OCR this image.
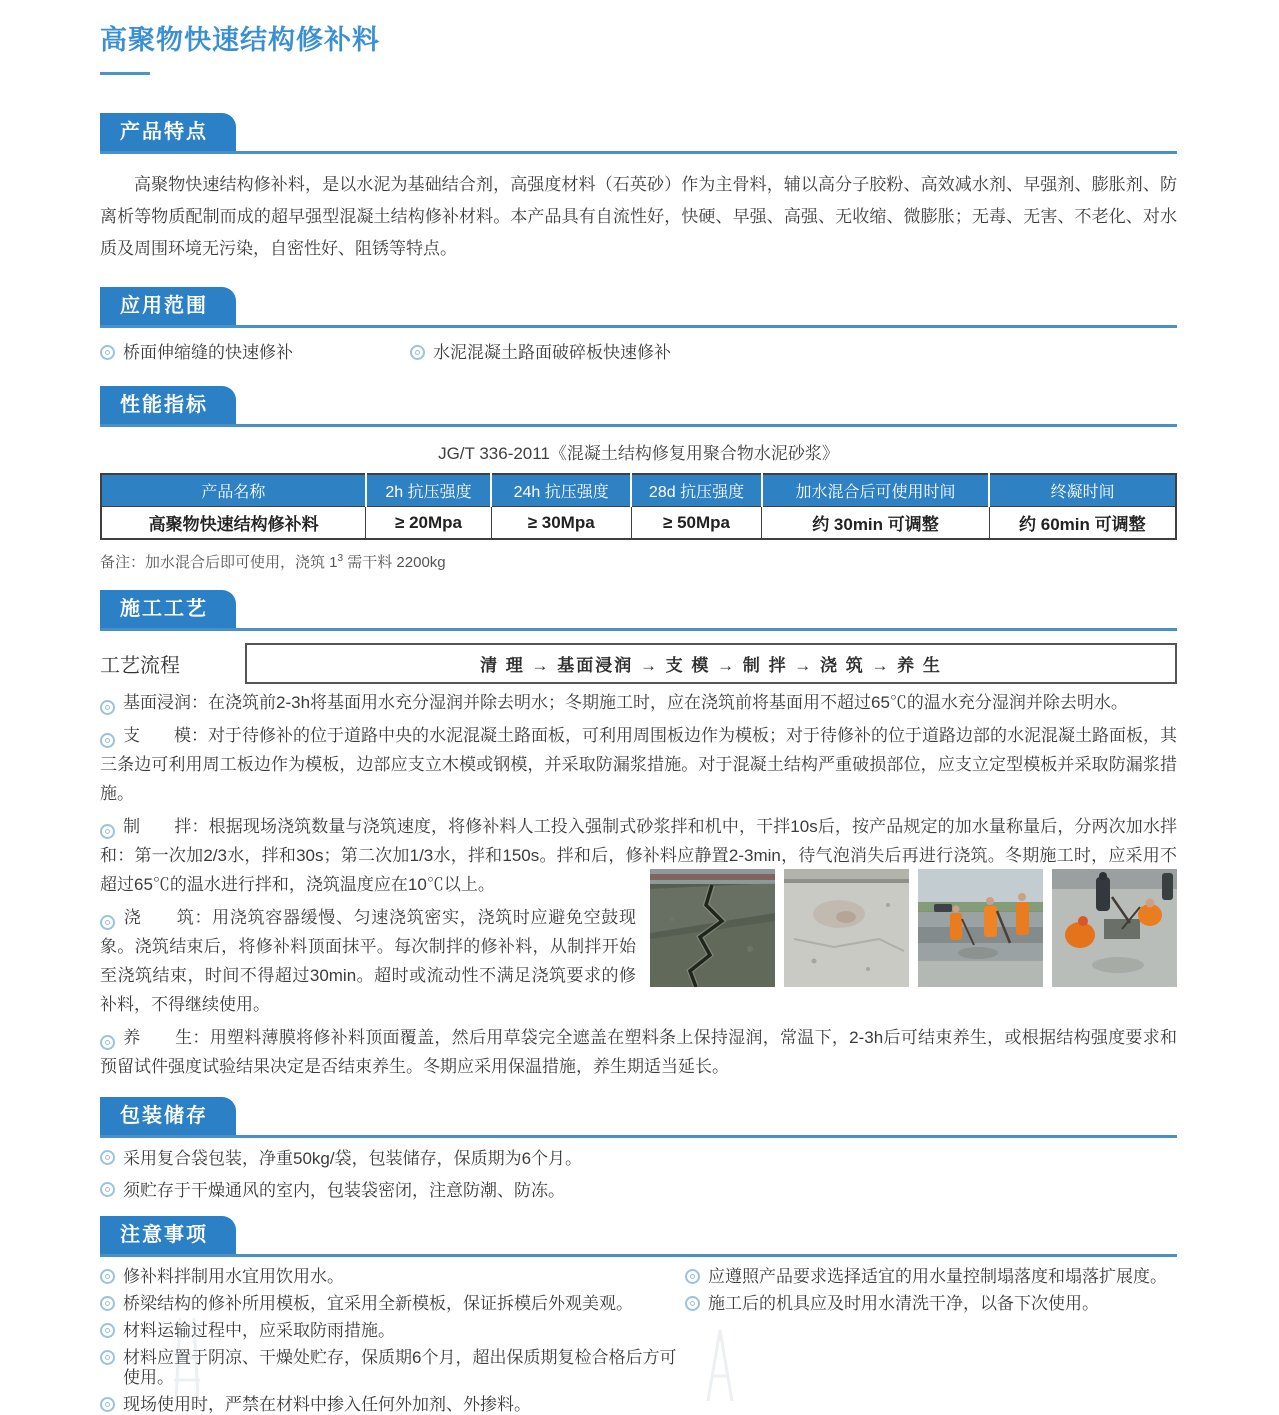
高聚物快速结构修补料
产品特点

高聚物快速结构修补料，是以水泥为基础结合剂，高强度材料（石英砂）作为主骨料，辅以高分子胶粉、高效减水剂、早强剂、膨胀剂、防离析等物质配制而成的超早强型混凝土结构修补材料。本产品具有自流性好，快硬、早强、高强、无收缩、微膨胀；无毒、无害、不老化、对水质及周围环境无污染，自密性好、阻锈等特点。

应用范围
桥面伸缩缝的快速修补	水泥混凝土路面破碎板快速修补
性能指标

JG/T 336-2011《混凝土结构修复用聚合物水泥砂浆》

产品名称	2h 抗压强度	24h 抗压强度	28d 抗压强度	加水混合后可使用时间	终凝时间
高聚物快速结构修补料	≥ 20Mpa	≥ 30Mpa	≥ 50Mpa	约 30min 可调整	约 60min 可调整

备注：加水混合后即可使用，浇筑 $1^3$ 需干料 2200kg

施工工艺
工艺流程	清 理 → 基面浸润 → 支 模 → 制 拌 → 浇 筑 → 养 生

基面浸润：在浇筑前2-3h将基面用水充分湿润并除去明水；冬期施工时，应在浇筑前将基面用不超过65℃的温水充分湿润并除去明水。

支　　模：对于待修补的位于道路中央的水泥混凝土路面板，可利用周围板边作为模板；对于待修补的位于道路边部的水泥混凝土路面板，其三条边可利用周工板边作为模板，边部应支立木模或钢模，并采取防漏浆措施。对于混凝土结构严重破损部位，应支立定型模板并采取防漏浆措施。

制　　拌：根据现场浇筑数量与浇筑速度，将修补料人工投入强制式砂浆拌和机中，干拌10s后，按产品规定的加水量称量后，分两次加水拌和：第一次加2/3水，拌和30s；第二次加1/3水，拌和150s。拌和后，修补料应静置2-3min，待气泡消失后再进行浇筑。冬期施工时，应采用不超过65℃的温水进行拌和，浇筑温度应在10℃以上。

浇　　筑：用浇筑容器缓慢、匀速浇筑密实，浇筑时应避免空鼓现象。浇筑结束后，将修补料顶面抹平。每次制拌的修补料，从制拌开始至浇筑结束，时间不得超过30min。超时或流动性不满足浇筑要求的修补料，不得继续使用。

养　　生：用塑料薄膜将修补料顶面覆盖，然后用草袋完全遮盖在塑料条上保持湿润，常温下，2-3h后可结束养生，或根据结构强度要求和预留试件强度试验结果决定是否结束养生。冬期应采用保温措施，养生期适当延长。

包装储存

采用复合袋包装，净重50kg/袋，包装储存，保质期为6个月。

须贮存于干燥通风的室内，包装袋密闭，注意防潮、防冻。

注意事项

修补料拌制用水宜用饮用水。

桥梁结构的修补所用模板，宜采用全新模板，保证拆模后外观美观。

材料运输过程中，应采取防雨措施。

材料应置于阴凉、干燥处贮存，保质期6个月，超出保质期复检合格后方可使用。

现场使用时，严禁在材料中掺入任何外加剂、外掺料。

应遵照产品要求选择适宜的用水量控制塌落度和塌落扩展度。

施工后的机具应及时用水清洗干净，以备下次使用。
